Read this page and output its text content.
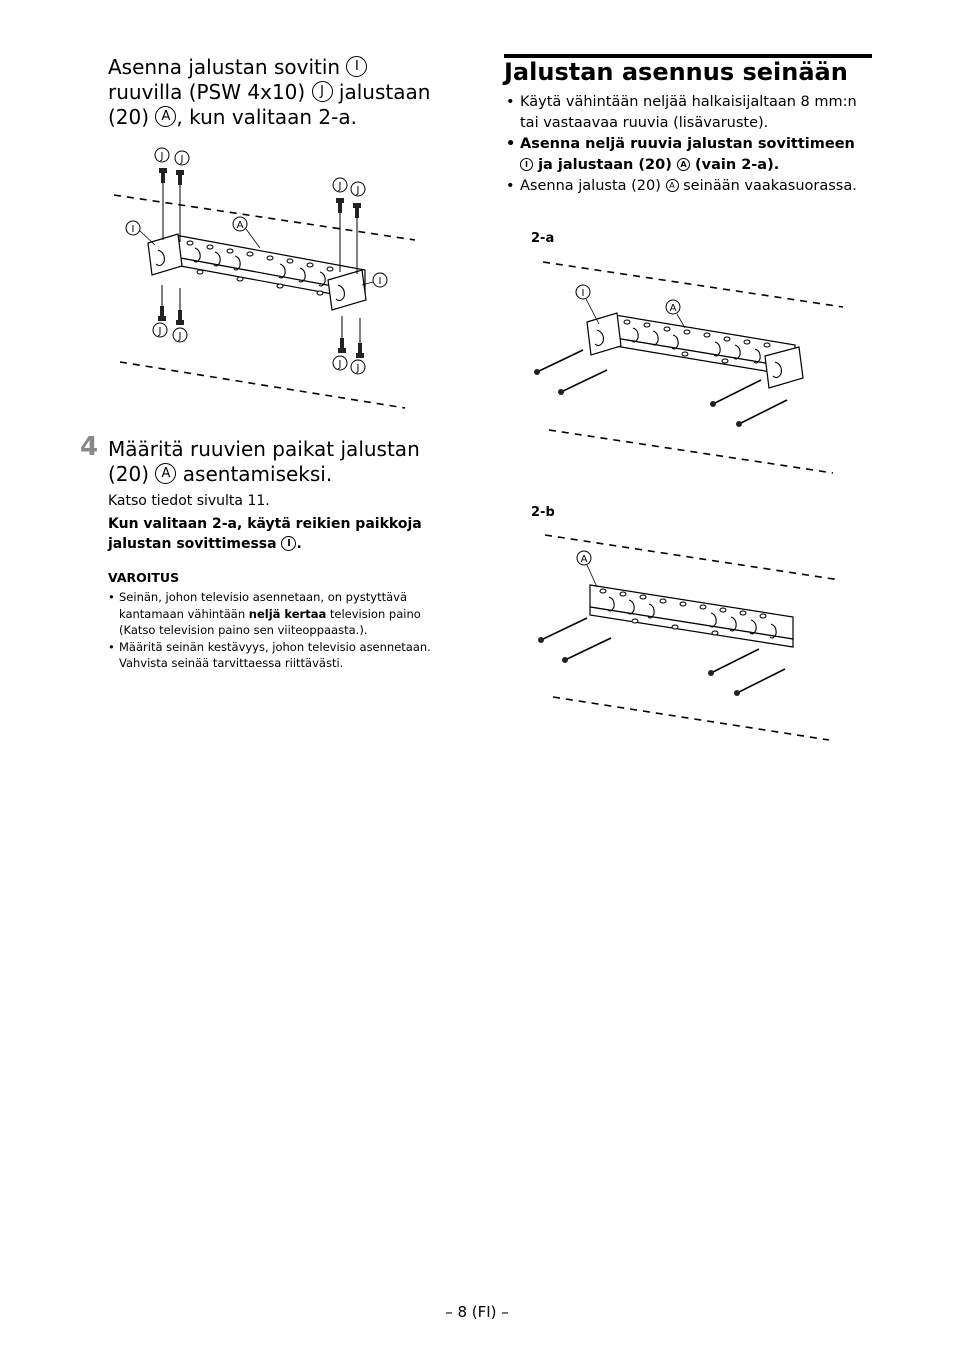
Asenna jalustan sovitin I
ruuvilla (PSW 4x10) J jalustaan
(20) A , kun valitaan 2-a.
J J
J J
J J
J J
I
I
A
4 Määritä ruuvien paikat jalustan
(20) A asentamiseksi.
Katso tiedot sivulta 11.
Kun valitaan 2-a, käytä reikien paikkoja jalustan sovittimessa I .
VAROITUS
• Seinän, johon televisio asennetaan, on pystyttävä kantamaan vähintään neljä kertaa television paino (Katso television paino sen viiteoppaasta.).
• Määritä seinän kestävyys, johon televisio asennetaan. Vahvista seinää tarvittaessa riittävästi.
Jalustan asennus seinään
• Käytä vähintään neljää halkaisijaltaan 8 mm:n tai vastaavaa ruuvia (lisävaruste).
• Asenna neljä ruuvia jalustan sovittimeen
I ja jalustaan (20) A (vain 2-a).
• Asenna jalusta (20) A seinään vaakasuorassa.
2-a
I
A
2-b
A
– 8 (FI) –
